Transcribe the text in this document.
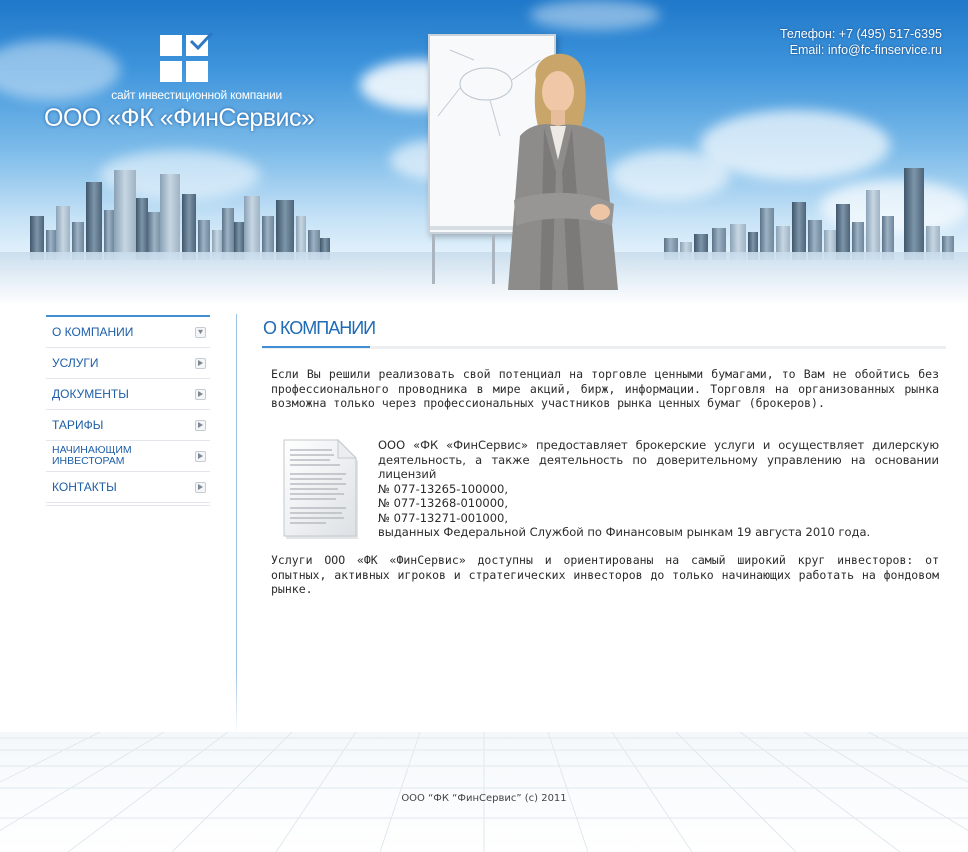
сайт инвестиционной компании
ООО «ФК «ФинСервис»
Телефон: +7 (495) 517-6395
Email: info@fc-finservice.ru
О КОМПАНИИ
УСЛУГИ
ДОКУМЕНТЫ
ТАРИФЫ
НАЧИНАЮЩИМ ИНВЕСТОРАМ
КОНТАКТЫ
О КОМПАНИИ
Если Вы решили реализовать свой потенциал на торговле ценными бумагами, то Вам не обойтись без профессионального проводника в мире акций, бирж, информации. Торговля на организованных рынка возможна только через профессиональных участников рынка ценных бумаг (брокеров).
ООО «ФК «ФинСервис» предоставляет брокерские услуги и осуществляет дилерскую деятельность, а также деятельность по доверительному управлению на основании лицензий
№ 077-13265-100000,
№ 077-13268-010000,
№ 077-13271-001000,
выданных Федеральной Службой по Финансовым рынкам 19 августа 2010 года.
Услуги ООО «ФК «ФинСервис» доступны и ориентированы на самый широкий круг инвесторов: от опытных, активных игроков и стратегических инвесторов до только начинающих работать на фондовом рынке.
ООО “ФК “ФинСервис” (с) 2011
